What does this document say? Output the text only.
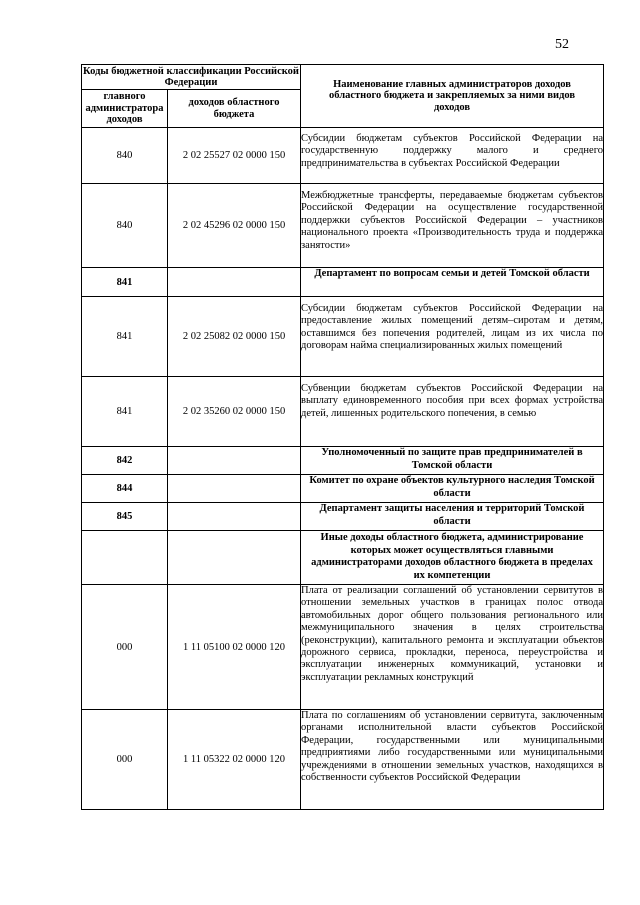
52
Коды бюджетной классификации Российской Федерации		Наименование главных администраторов доходов областного бюджета и закрепляемых за ними видов доходов
главного администратора доходов	доходов областного бюджета	
840	2 02 25527 02 0000 150	Субсидии бюджетам субъектов Российской Федерации на государственную поддержку малого и среднего предпринимательства в субъектах Российской Федерации
840	2 02 45296 02 0000 150	Межбюджетные трансферты, передаваемые бюджетам субъектов Российской Федерации на осуществление государственной поддержки субъектов Российской Федерации – участников национального проекта «Производительность труда и поддержка занятости»
841		Департамент по вопросам семьи и детей Томской области
841	2 02 25082 02 0000 150	Субсидии бюджетам субъектов Российской Федерации на предоставление жилых помещений детям–сиротам и детям, оставшимся без попечения родителей, лицам из их числа по договорам найма специализированных жилых помещений
841	2 02 35260 02 0000 150	Субвенции бюджетам субъектов Российской Федерации на выплату единовременного пособия при всех формах устройства детей, лишенных родительского попечения, в семью
842		Уполномоченный по защите прав предпринимателей в Томской области
844		Комитет по охране объектов культурного наследия Томской области
845		Департамент защиты населения и территорий Томской области
		Иные доходы областного бюджета, администрирование которых может осуществляться главными администраторами доходов областного бюджета в пределах их компетенции
000	1 11 05100 02 0000 120	Плата от реализации соглашений об установлении сервитутов в отношении земельных участков в границах полос отвода автомобильных дорог общего пользования регионального или межмуниципального значения в целях строительства (реконструкции), капитального ремонта и эксплуатации объектов дорожного сервиса, прокладки, переноса, переустройства и эксплуатации инженерных коммуникаций, установки и эксплуатации рекламных конструкций
000	1 11 05322 02 0000 120	Плата по соглашениям об установлении сервитута, заключенным органами исполнительной власти субъектов Российской Федерации, государственными или муниципальными предприятиями либо государственными или муниципальными учреждениями в отношении земельных участков, находящихся в собственности субъектов Российской Федерации
